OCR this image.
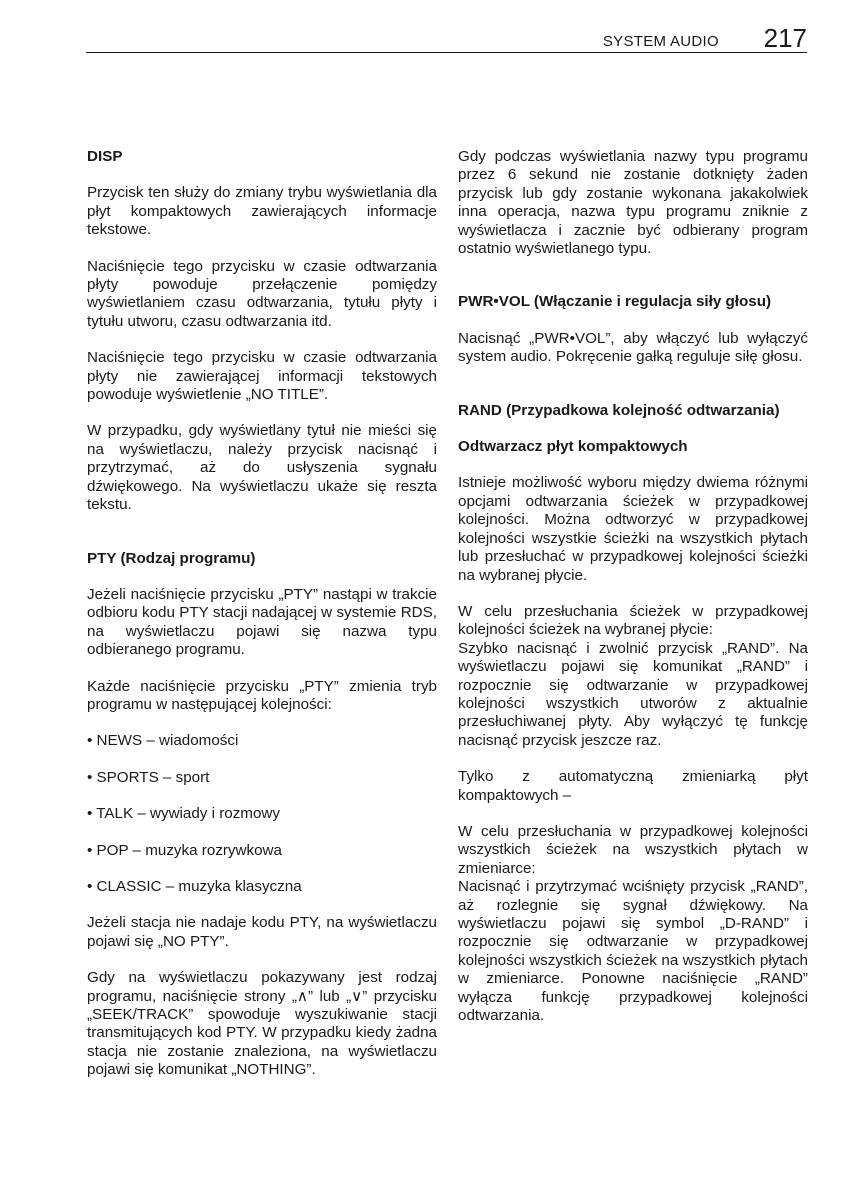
SYSTEM AUDIO 217
DISP

Przycisk ten służy do zmiany trybu wyświetlania dla płyt kompaktowych zawierających informacje tekstowe.

Naciśnięcie tego przycisku w czasie odtwarzania płyty powoduje przełączenie pomiędzy wyświetlaniem czasu odtwarzania, tytułu płyty i tytułu utworu, czasu odtwarzania itd.

Naciśnięcie tego przycisku w czasie odtwarzania płyty nie zawierającej informacji tekstowych powoduje wyświetlenie „NO TITLE”.

W przypadku, gdy wyświetlany tytuł nie mieści się na wyświetlaczu, należy przycisk nacisnąć i przytrzymać, aż do usłyszenia sygnału dźwiękowego. Na wyświetlaczu ukaże się reszta tekstu.

PTY (Rodzaj programu)

Jeżeli naciśnięcie przycisku „PTY” nastąpi w trakcie odbioru kodu PTY stacji nadającej w systemie RDS, na wyświetlaczu pojawi się nazwa typu odbieranego programu.

Każde naciśnięcie przycisku „PTY” zmienia tryb programu w następującej kolejności:

• NEWS – wiadomości

• SPORTS – sport

• TALK – wywiady i rozmowy

• POP – muzyka rozrywkowa

• CLASSIC – muzyka klasyczna

Jeżeli stacja nie nadaje kodu PTY, na wyświetlaczu pojawi się „NO PTY”.

Gdy na wyświetlaczu pokazywany jest rodzaj programu, naciśnięcie strony „∧” lub „∨” przycisku „SEEK/TRACK” spowoduje wyszukiwanie stacji transmitujących kod PTY. W przypadku kiedy żadna stacja nie zostanie znaleziona, na wyświetlaczu pojawi się komunikat „NOTHING”.

Gdy podczas wyświetlania nazwy typu programu przez 6 sekund nie zostanie dotknięty żaden przycisk lub gdy zostanie wykonana jakakolwiek inna operacja, nazwa typu programu zniknie z wyświetlacza i zacznie być odbierany program ostatnio wyświetlanego typu.

PWR•VOL (Włączanie i regulacja siły głosu)

Nacisnąć „PWR•VOL”, aby włączyć lub wyłączyć system audio. Pokręcenie gałką reguluje siłę głosu.

RAND (Przypadkowa kolejność odtwarzania)
Odtwarzacz płyt kompaktowych

Istnieje możliwość wyboru między dwiema różnymi opcjami odtwarzania ścieżek w przypadkowej kolejności. Można odtworzyć w przypadkowej kolejności wszystkie ścieżki na wszystkich płytach lub przesłuchać w przypadkowej kolejności ścieżki na wybranej płycie.

W celu przesłuchania ścieżek w przypadkowej kolejności ścieżek na wybranej płycie:

Szybko nacisnąć i zwolnić przycisk „RAND”. Na wyświetlaczu pojawi się komunikat „RAND” i rozpocznie się odtwarzanie w przypadkowej kolejności wszystkich utworów z aktualnie przesłuchiwanej płyty. Aby wyłączyć tę funkcję nacisnąć przycisk jeszcze raz.

Tylko z automatyczną zmieniarką płyt kompaktowych –

W celu przesłuchania w przypadkowej kolejności wszystkich ścieżek na wszystkich płytach w zmieniarce:

Nacisnąć i przytrzymać wciśnięty przycisk „RAND”, aż rozlegnie się sygnał dźwiękowy. Na wyświetlaczu pojawi się symbol „D-RAND” i rozpocznie się odtwarzanie w przypadkowej kolejności wszystkich ścieżek na wszystkich płytach w zmieniarce. Ponowne naciśnięcie „RAND” wyłącza funkcję przypadkowej kolejności odtwarzania.
